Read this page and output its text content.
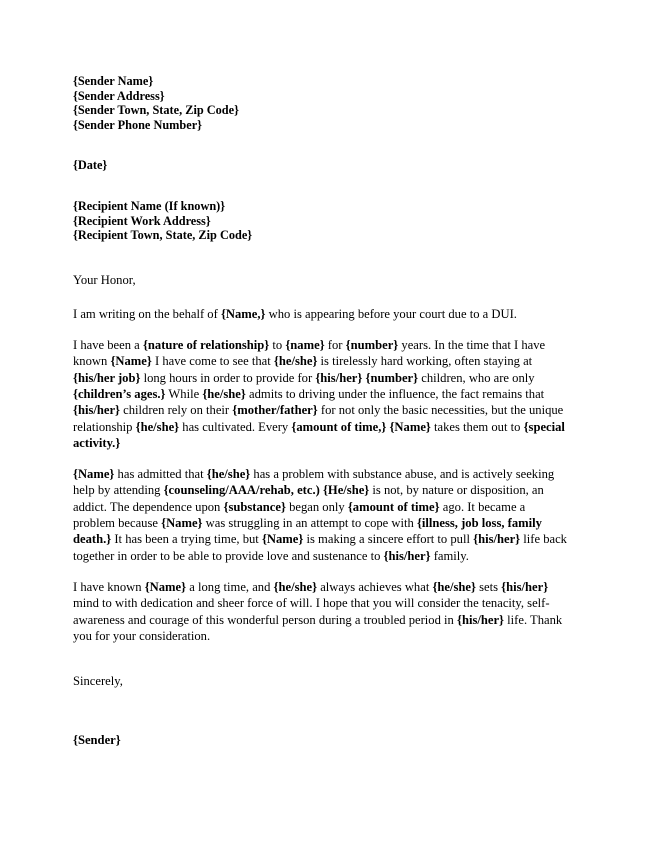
{Sender Name}
{Sender Address}
{Sender Town, State, Zip Code}
{Sender Phone Number}
{Date}
{Recipient Name (If known)}
{Recipient Work Address}
{Recipient Town, State, Zip Code}
Your Honor,

I am writing on the behalf of {Name,} who is appearing before your court due to a DUI.

I have been a {nature of relationship} to {name} for {number} years. In the time that I have known {Name} I have come to see that {he/she} is tirelessly hard working, often staying at {his/her job} long hours in order to provide for {his/her} {number} children, who are only {children’s ages.} While {he/she} admits to driving under the influence, the fact remains that {his/her} children rely on their {mother/father} for not only the basic necessities, but the unique relationship {he/she} has cultivated. Every {amount of time,} {Name} takes them out to {special activity.}

{Name} has admitted that {he/she} has a problem with substance abuse, and is actively seeking help by attending {counseling/AAA/rehab, etc.) {He/she} is not, by nature or disposition, an addict. The dependence upon {substance} began only {amount of time} ago. It became a problem because {Name} was struggling in an attempt to cope with {illness, job loss, family death.} It has been a trying time, but {Name} is making a sincere effort to pull {his/her} life back together in order to be able to provide love and sustenance to {his/her} family.

I have known {Name} a long time, and {he/she} always achieves what {he/she} sets {his/her} mind to with dedication and sheer force of will. I hope that you will consider the tenacity, self-awareness and courage of this wonderful person during a troubled period in {his/her} life. Thank you for your consideration.

Sincerely,
{Sender}
